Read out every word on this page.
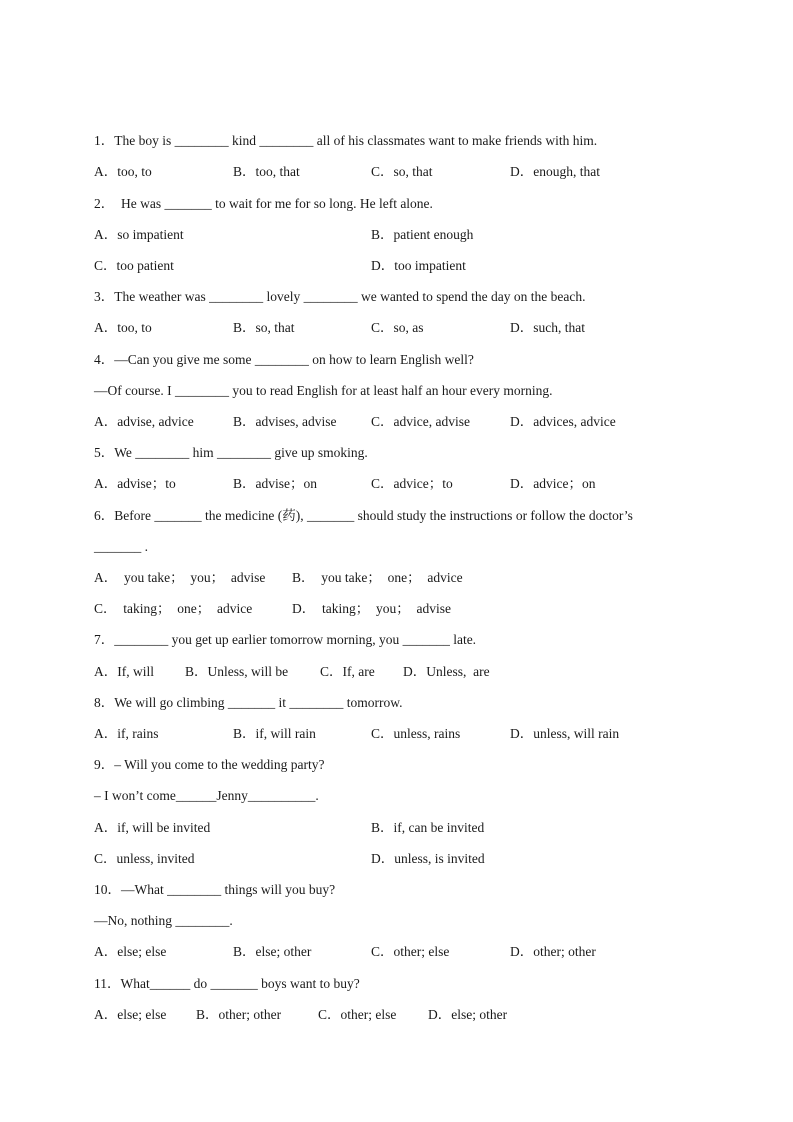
1．The boy is ________ kind ________ all of his classmates want to make friends with him.
A．too, to	B．too, that	C．so, that	D．enough, that
2．  He was _______ to wait for me for so long. He left alone.
A．so impatient	B．patient enough
C．too patient	D．too impatient
3．The weather was ________ lovely ________ we wanted to spend the day on the beach.
A．too, to	B．so, that	C．so, as	D．such, that
4．—Can you give me some ________ on how to learn English well?
—Of course. I ________ you to read English for at least half an hour every morning.
A．advise, advice	B．advises, advise	C．advice, advise	D．advices, advice
5．We ________ him ________ give up smoking.
A．advise；to	B．advise；on	C．advice；to	D．advice；on
6．Before _______ the medicine (药), _______ should study the instructions or follow the doctor’s
_______ .
A．  you take；  you；  advise B．  you take；  one；  advice
C．  taking；  one；  advice	D．  taking；  you；  advise
7．________ you get up earlier tomorrow morning, you _______ late.
A．If, will B．Unless, will be C．If, are D．Unless,  are
8．We will go climbing _______ it ________ tomorrow.
A．if, rains	B．if, will rain	C．unless, rains	D．unless, will rain
9．– Will you come to the wedding party?
– I won’t come______Jenny__________.
A．if, will be invited	B．if, can be invited
C．unless, invited	D．unless, is invited
10．—What ________ things will you buy?
—No, nothing ________.
A．else; else	B．else; other	C．other; else	D．other; other
11．What______ do _______ boys want to buy?
A．else; else B．other; other	C．other; else D．else; other
